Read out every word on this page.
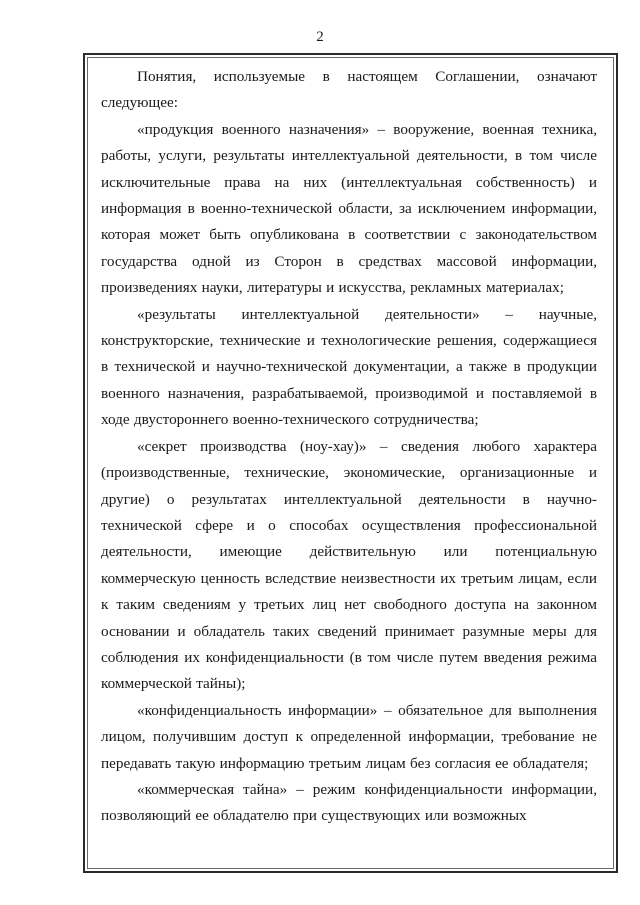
2

Понятия, используемые в настоящем Соглашении, означают следующее:

«продукция военного назначения» – вооружение, военная техника, работы, услуги, результаты интеллектуальной деятельности, в том числе исключительные права на них (интеллектуальная собственность) и информация в военно-технической области, за исключением информации, которая может быть опубликована в соответствии с законодательством государства одной из Сторон в средствах массовой информации, произведениях науки, литературы и искусства, рекламных материалах;

«результаты интеллектуальной деятельности» – научные, конструкторские, технические и технологические решения, содержащиеся в технической и научно-технической документации, а также в продукции военного назначения, разрабатываемой, производимой и поставляемой в ходе двустороннего военно-технического сотрудничества;

«секрет производства (ноу-хау)» – сведения любого характера (производственные, технические, экономические, организационные и другие) о результатах интеллектуальной деятельности в научно-технической сфере и о способах осуществления профессиональной деятельности, имеющие действительную или потенциальную коммерческую ценность вследствие неизвестности их третьим лицам, если к таким сведениям у третьих лиц нет свободного доступа на законном основании и обладатель таких сведений принимает разумные меры для соблюдения их конфиденциальности (в том числе путем введения режима коммерческой тайны);

«конфиденциальность информации» – обязательное для выполнения лицом, получившим доступ к определенной информации, требование не передавать такую информацию третьим лицам без согласия ее обладателя;

«коммерческая тайна» – режим конфиденциальности информации, позволяющий ее обладателю при существующих или возможных
